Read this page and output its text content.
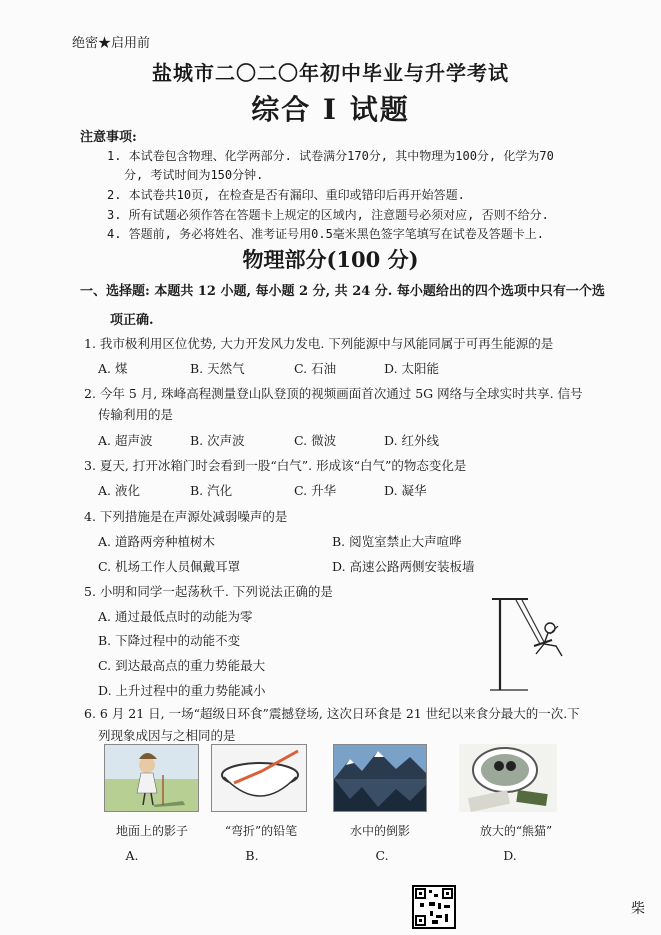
绝密★启用前
盐城市二〇二〇年初中毕业与升学考试
综合 I 试题
注意事项:
1. 本试卷包含物理、化学两部分. 试卷满分170分, 其中物理为100分, 化学为70
分, 考试时间为150分钟.
2. 本试卷共10页, 在检查是否有漏印、重印或错印后再开始答题.
3. 所有试题必须作答在答题卡上规定的区域内, 注意题号必须对应, 否则不给分.
4. 答题前, 务必将姓名、准考证号用0.5毫米黑色签字笔填写在试卷及答题卡上.
物理部分(100 分)
一、选择题: 本题共 12 小题, 每小题 2 分, 共 24 分. 每小题给出的四个选项中只有一个选
项正确.
1. 我市极利用区位优势, 大力开发风力发电. 下列能源中与风能同属于可再生能源的是
A. 煤	B. 天然气	C. 石油	D. 太阳能
2. 今年 5 月, 珠峰高程测量登山队登顶的视频画面首次通过 5G 网络与全球实时共享. 信号
传输利用的是
A. 超声波	B. 次声波	C. 微波	D. 红外线
3. 夏天, 打开冰箱门时会看到一股“白气”. 形成该“白气”的物态变化是
A. 液化	B. 汽化	C. 升华	D. 凝华
4. 下列措施是在声源处减弱噪声的是
A. 道路两旁种植树木	B. 阅览室禁止大声喧哗
C. 机场工作人员佩戴耳罩	D. 高速公路两侧安装板墙
5. 小明和同学一起荡秋千. 下列说法正确的是
A. 通过最低点时的动能为零
B. 下降过程中的动能不变
C. 到达最高点的重力势能最大
D. 上升过程中的重力势能减小
6. 6 月 21 日, 一场“超级日环食”震撼登场, 这次日环食是 21 世纪以来食分最大的一次.下
列现象成因与之相同的是
地面上的影子	“弯折”的铅笔	水中的倒影	放大的“熊猫”
A.	B.	C.	D.
柴
